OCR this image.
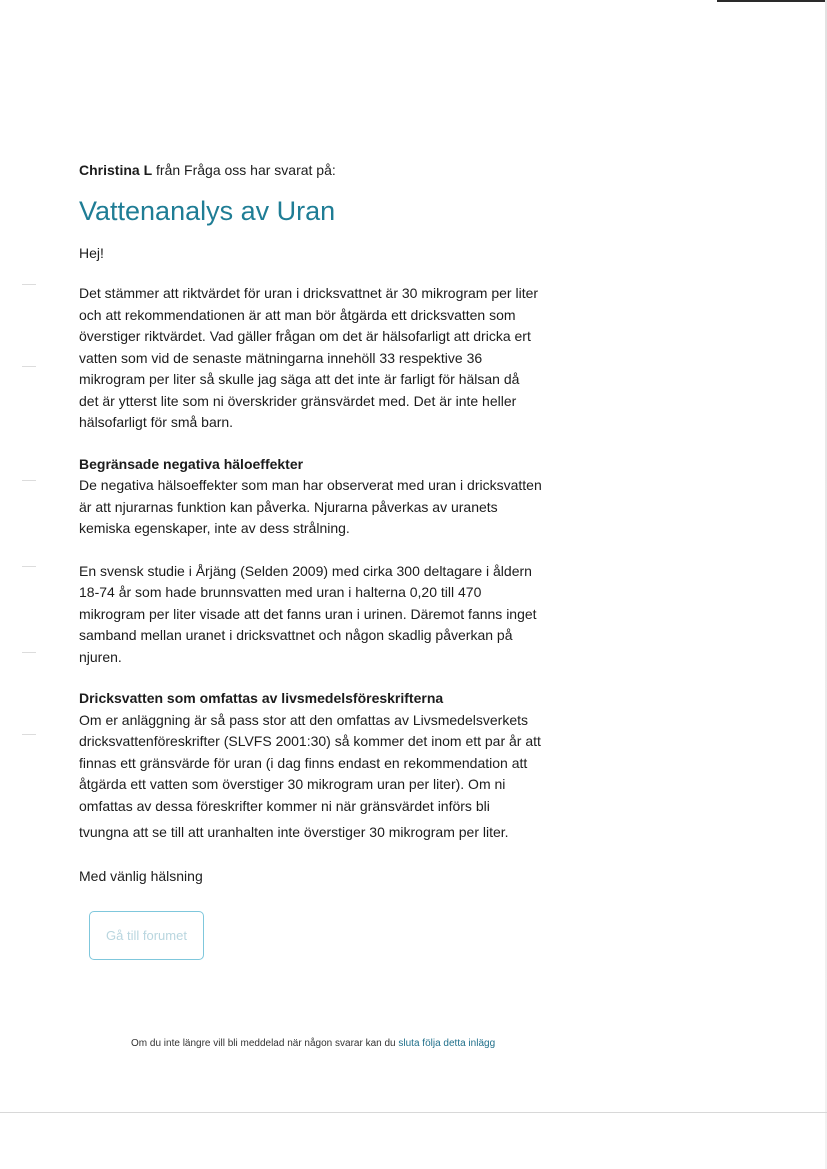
Christina L från Fråga oss har svarat på:

Vattenanalys av Uran

Hej!

Det stämmer att riktvärdet för uran i dricksvattnet är 30 mikrogram per liter
och att rekommendationen är att man bör åtgärda ett dricksvatten som
överstiger riktvärdet. Vad gäller frågan om det är hälsofarligt att dricka ert
vatten som vid de senaste mätningarna innehöll 33 respektive 36
mikrogram per liter så skulle jag säga att det inte är farligt för hälsan då
det är ytterst lite som ni överskrider gränsvärdet med. Det är inte heller
hälsofarligt för små barn.

Begränsade negativa häloeffekter

De negativa hälsoeffekter som man har observerat med uran i dricksvatten
är att njurarnas funktion kan påverka. Njurarna påverkas av uranets
kemiska egenskaper, inte av dess strålning.

En svensk studie i Årjäng (Selden 2009) med cirka 300 deltagare i åldern
18-74 år som hade brunnsvatten med uran i halterna 0,20 till 470
mikrogram per liter visade att det fanns uran i urinen. Däremot fanns inget
samband mellan uranet i dricksvattnet och någon skadlig påverkan på
njuren.

Dricksvatten som omfattas av livsmedelsföreskrifterna

Om er anläggning är så pass stor att den omfattas av Livsmedelsverkets
dricksvattenföreskrifter (SLVFS 2001:30) så kommer det inom ett par år att
finnas ett gränsvärde för uran (i dag finns endast en rekommendation att
åtgärda ett vatten som överstiger 30 mikrogram uran per liter). Om ni
omfattas av dessa föreskrifter kommer ni när gränsvärdet införs bli

tvungna att se till att uranhalten inte överstiger 30 mikrogram per liter.

Med vänlig hälsning

Gå till forumet
Om du inte längre vill bli meddelad när någon svarar kan du sluta följa detta inlägg
